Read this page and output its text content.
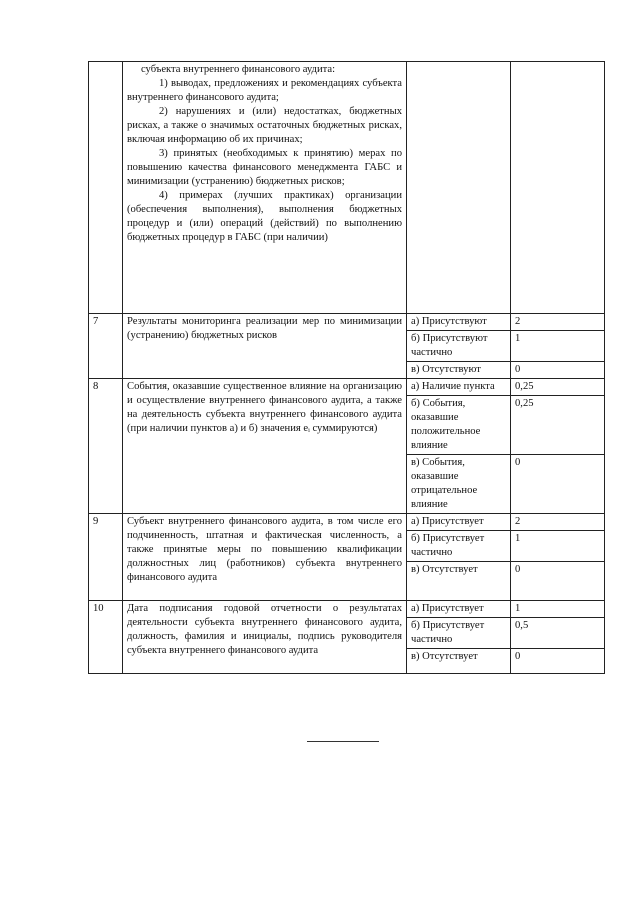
	субъекта внутреннего финансового аудита:
1) выводах, предложениях и рекомендациях субъекта внутреннего финансового аудита;
2) нарушениях и (или) недостатках, бюджетных рисках, а также о значимых остаточных бюджетных рисках, включая информацию об их причинах;
3) принятых (необходимых к принятию) мерах по повышению качества финансового менеджмента ГАБС и минимизации (устранению) бюджетных рисков;
4) примерах (лучших практиках) организации (обеспечения выполнения), выполнения бюджетных процедур и (или) операций (действий) по выполнению бюджетных процедур в ГАБС (при наличии)		

7	Результаты мониторинга реализации мер по минимизации (устранению) бюджетных рисков	а) Присутствуют	2
		б) Присутствуют частично	1
		в) Отсутствуют	0
8	События, оказавшие существенное влияние на организацию и осуществление внутреннего финансового аудита, а также на деятельность субъекта внутреннего финансового аудита (при наличии пунктов а) и б) значения eᵢ суммируются)	а) Наличие пункта	0,25
		б) События, оказавшие положительное влияние	0,25
		в) События, оказавшие отрицательное влияние	0
9	Субъект внутреннего финансового аудита, в том числе его подчиненность, штатная и фактическая численность, а также принятые меры по повышению квалификации должностных лиц (работников) субъекта внутреннего финансового аудита	а) Присутствует	2
		б) Присутствует частично	1
		в) Отсутствует	0
10	Дата подписания годовой отчетности о результатах деятельности субъекта внутреннего финансового аудита, должность, фамилия и инициалы, подпись руководителя субъекта внутреннего финансового аудита	а) Присутствует	1
		б) Присутствует частично	0,5
		в) Отсутствует	0
